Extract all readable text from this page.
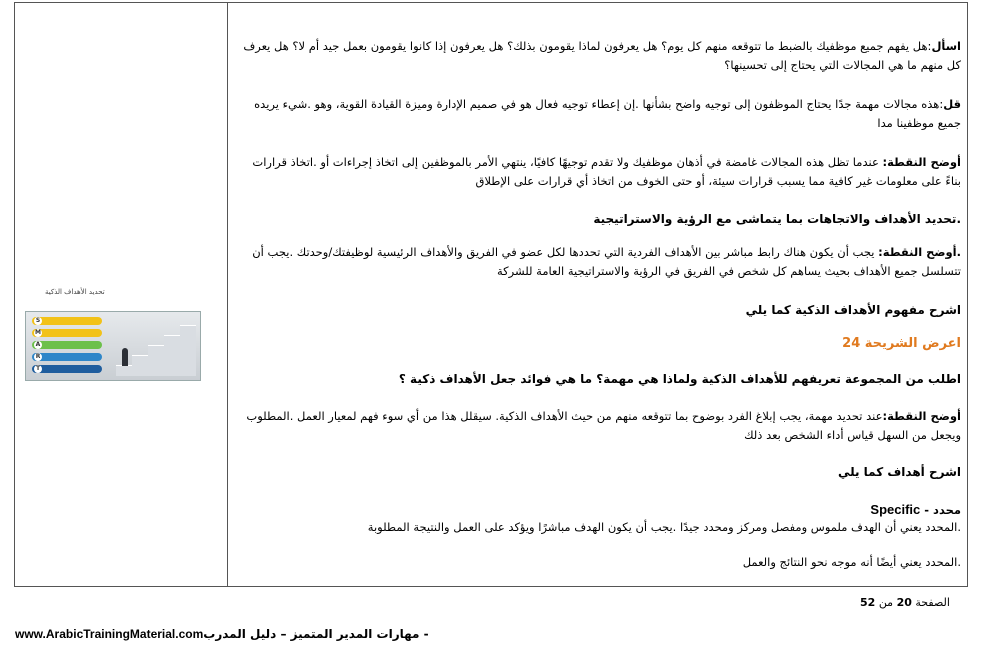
تحديد الأهداف الذكية
S
M
A
R
T

اسأل:هل يفهم جميع موظفيك بالضبط ما تتوقعه منهم كل يوم؟ هل يعرفون لماذا يقومون بذلك؟ هل يعرفون إذا كانوا يقومون بعمل جيد أم لا؟ هل يعرف كل منهم ما هي المجالات التي يحتاج إلى تحسينها؟

قل:هذه مجالات مهمة جدًا يحتاج الموظفون إلى توجيه واضح بشأنها .إن إعطاء توجيه فعال هو في صميم الإدارة وميزة القيادة القوية، وهو .شيء يريده جميع موظفينا مدا

أوضح النقطة: عندما تظل هذه المجالات غامضة في أذهان موظفيك ولا تقدم توجيهًا كافيًا، ينتهي الأمر بالموظفين إلى اتخاذ إجراءات أو .اتخاذ قرارات بناءً على معلومات غير كافية مما يسبب قرارات سيئة، أو حتى الخوف من اتخاذ أي قرارات على الإطلاق

.تحديد الأهداف والاتجاهات بما يتماشى مع الرؤية والاستراتيجية

.أوضح النقطة: يجب أن يكون هناك رابط مباشر بين الأهداف الفردية التي تحددها لكل عضو في الفريق والأهداف الرئيسية لوظيفتك/وحدتك .يجب أن تتسلسل جميع الأهداف بحيث يساهم كل شخص في الفريق في الرؤية والاستراتيجية العامة للشركة

اشرح مفهوم الأهداف الذكية كما يلي

اعرض الشريحة 24

اطلب من المجموعة تعريفهم للأهداف الذكية ولماذا هي مهمة؟ ما هي فوائد جعل الأهداف ذكية ؟

أوضح النقطة:عند تحديد مهمة، يجب إبلاغ الفرد بوضوح بما تتوقعه منهم من حيث الأهداف الذكية. سيقلل هذا من أي سوء فهم لمعيار العمل .المطلوب ويجعل من السهل قياس أداء الشخص بعد ذلك

اشرح أهداف كما يلي

محدد - Specific

.المحدد يعني أن الهدف ملموس ومفصل ومركز ومحدد جيدًا .يجب أن يكون الهدف مباشرًا ويؤكد على العمل والنتيجة المطلوبة

.المحدد يعني أيضًا أنه موجه نحو النتائج والعمل

الصفحة 20 من 52
- مهارات المدير المتميز – دليل المدربwww.ArabicTrainingMaterial.com
